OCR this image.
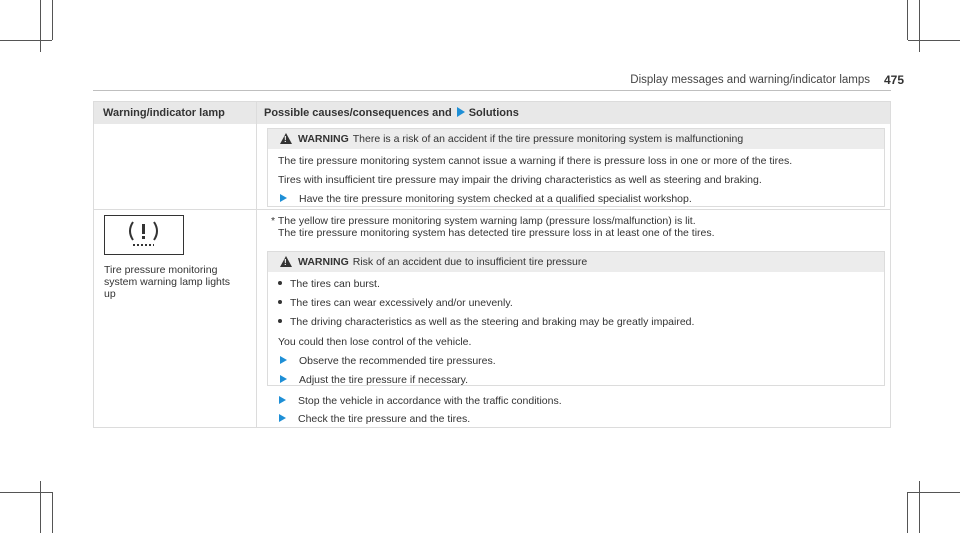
Display messages and warning/indicator lamps 475
Warning/indicator lamp	Possible causes/consequences and Solutions
!
WARNING There is a risk of an accident if the tire pressure monitoring system is malfunctioning
The tire pressure monitoring system cannot issue a warning if there is pressure loss in one or more of the tires.
Tires with insufficient tire pressure may impair the driving characteristics as well as steering and braking.
Have the tire pressure monitoring system checked at a qualified specialist workshop.
Tire pressure monitoring
system warning lamp lights
up
* The yellow tire pressure monitoring system warning lamp (pressure loss/malfunction) is lit.
The tire pressure monitoring system has detected tire pressure loss in at least one of the tires.
!
WARNING Risk of an accident due to insufficient tire pressure
The tires can burst.
The tires can wear excessively and/or unevenly.
The driving characteristics as well as the steering and braking may be greatly impaired.
You could then lose control of the vehicle.
Observe the recommended tire pressures.
Adjust the tire pressure if necessary.
Stop the vehicle in accordance with the traffic conditions.
Check the tire pressure and the tires.
